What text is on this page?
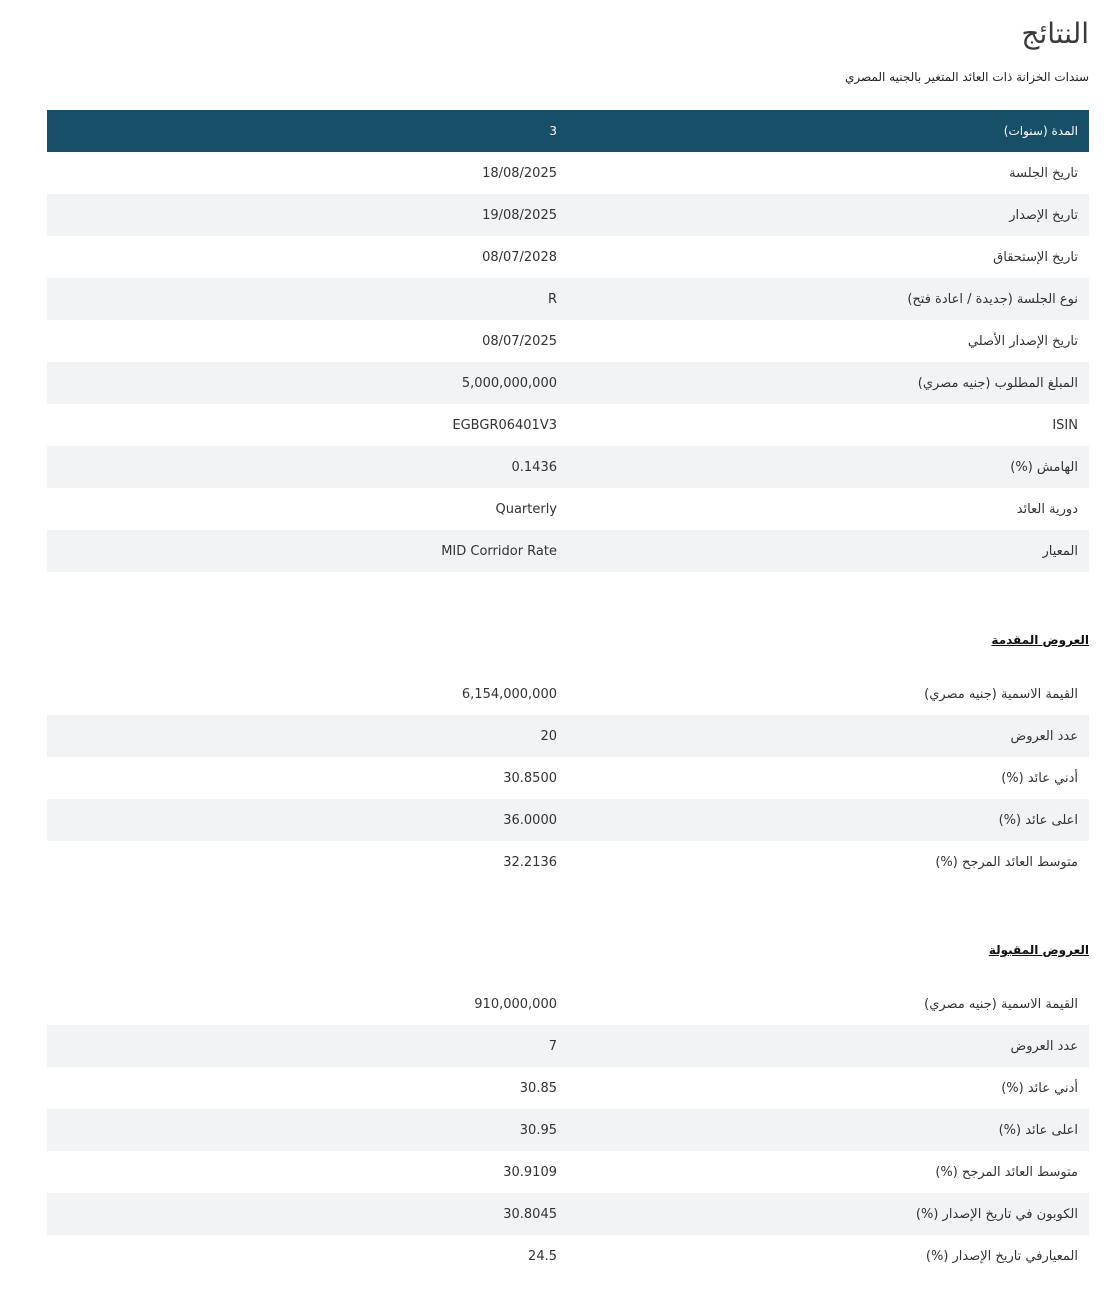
النتائج
سندات الخزانة ذات العائد المتغير بالجنيه المصري
المدة (سنوات)	3
تاريخ الجلسة	18/08/2025
تاريخ الإصدار	19/08/2025
تاريخ الإستحقاق	08/07/2028
نوع الجلسة (جديدة / اعادة فتح)	R
تاريخ الإصدار الأصلي	08/07/2025
المبلغ المطلوب (جنيه مصري)	5,000,000,000
ISIN	EGBGR06401V3
الهامش (%)	0.1436
دورية العائد	Quarterly
المعيار	MID Corridor Rate
العروض المقدمة
القيمة الاسمية (جنيه مصري)	6,154,000,000
عدد العروض	20
أدني عائد (%)	30.8500
اعلى عائد (%)	36.0000
متوسط العائد المرجح (%)	32.2136
العروض المقبولة
القيمة الاسمية (جنيه مصري)	910,000,000
عدد العروض	7
أدني عائد (%)	30.85
اعلى عائد (%)	30.95
متوسط العائد المرجح (%)	30.9109
الكوبون في تاريخ الإصدار (%)	30.8045
المعيارفي تاريخ الإصدار (%)	24.5
